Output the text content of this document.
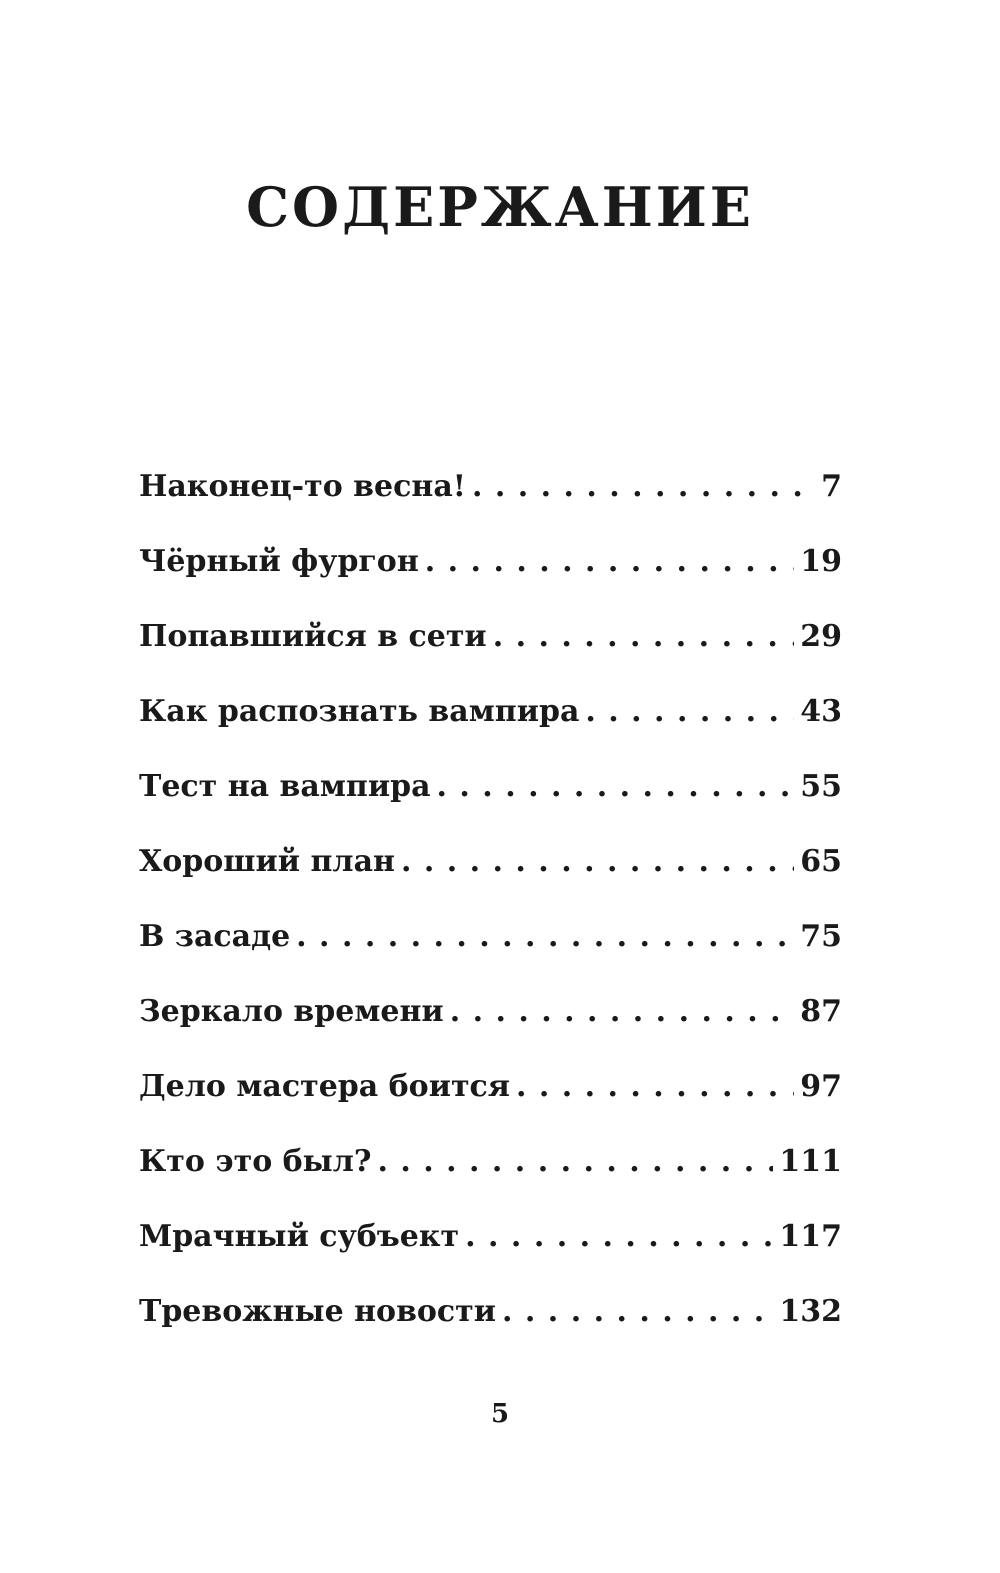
СОДЕРЖАНИЕ
Наконец-то весна! . . .	7
Чёрный фургон . . .	19
Попавшийся в сети . . .	29
Как распознать вампира . . .	43
Тест на вампира . . .	55
Хороший план . . .	65
В засаде . . .	75
Зеркало времени . . .	87
Дело мастера боится . . .	97
Кто это был? . . .	111
Мрачный субъект . . .	117
Тревожные новости . . .	132
5
